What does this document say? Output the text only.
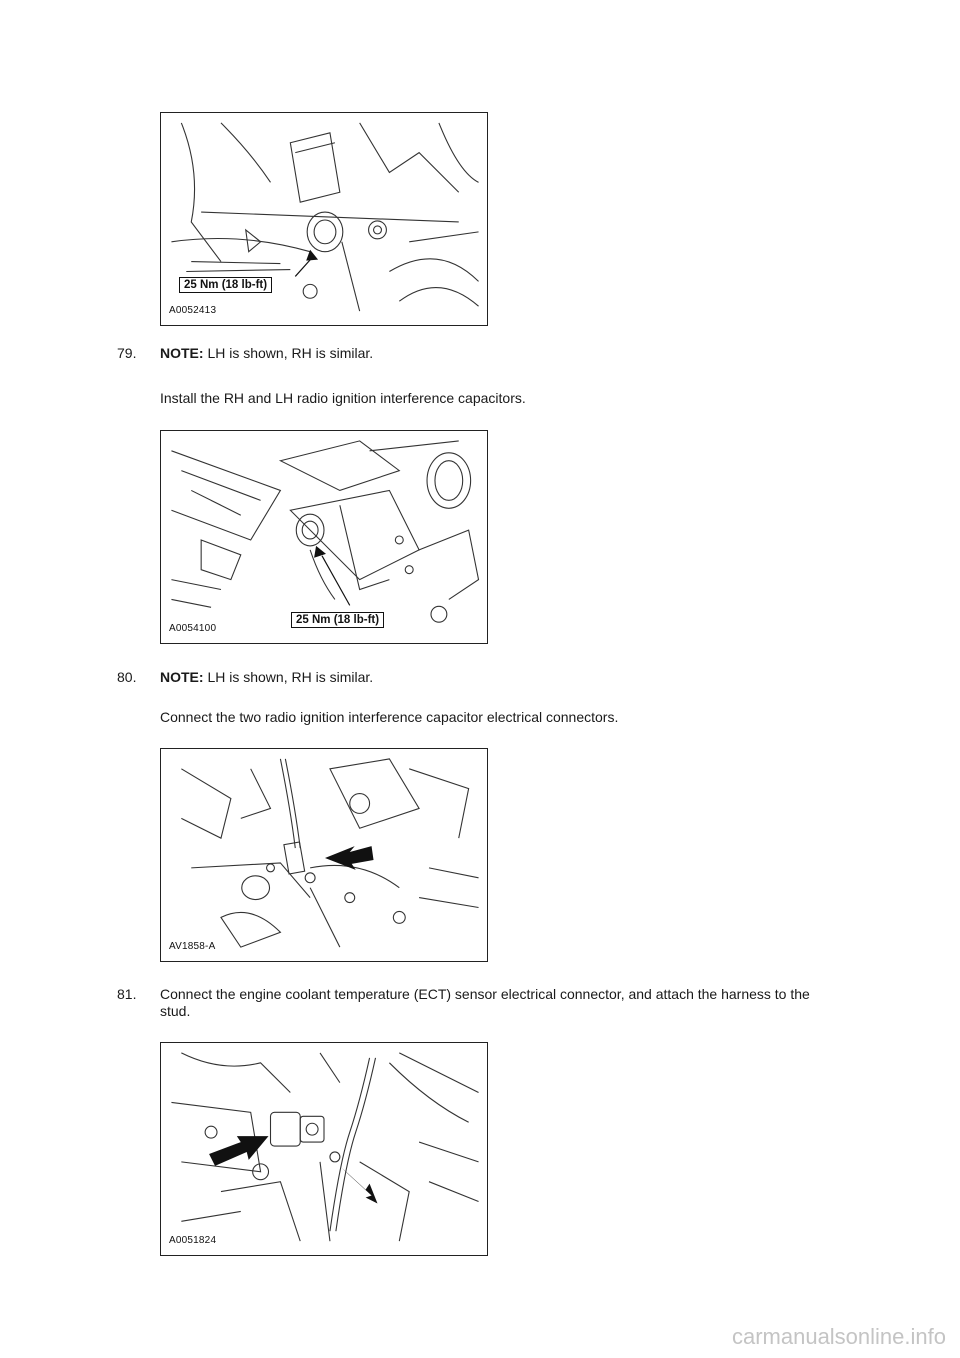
25 Nm (18 lb-ft)
A0052413
79. NOTE: LH is shown, RH is similar.
Install the RH and LH radio ignition interference capacitors.
25 Nm (18 lb-ft)
A0054100
80. NOTE: LH is shown, RH is similar.
Connect the two radio ignition interference capacitor electrical connectors.
AV1858-A
81. Connect the engine coolant temperature (ECT) sensor electrical connector, and attach the harness to the stud.
A0051824
carmanualsonline.info
